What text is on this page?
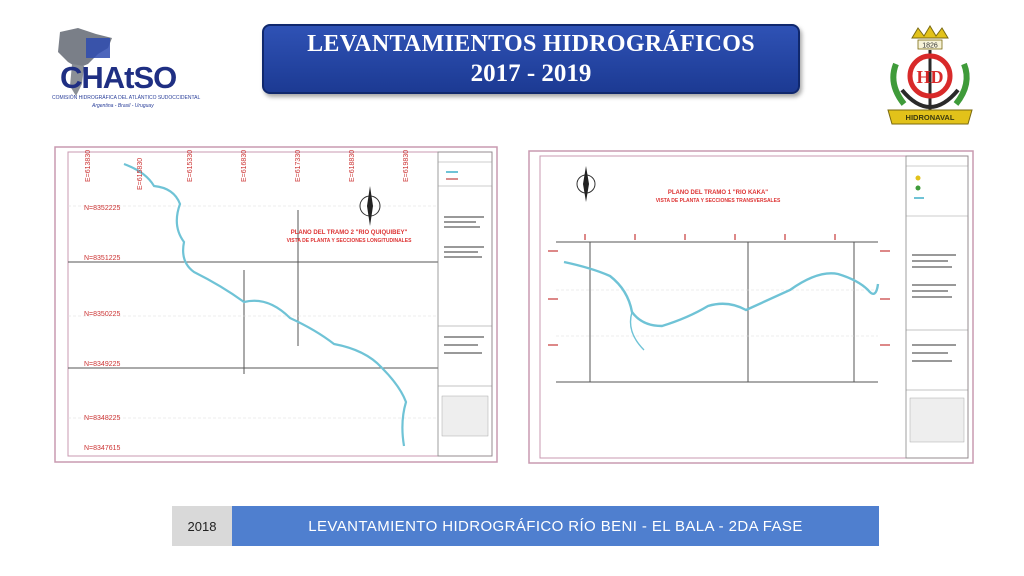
CHAtSO
COMISIÓN HIDROGRÁFICA DEL ATLÁNTICO SUDOCCIDENTAL
Argentina - Brasil - Uruguay
LEVANTAMIENTOS HIDROGRÁFICOS
2017 - 2019
1826
HD
HIDRONAVAL
PLANO DEL TRAMO 2 "RIO QUIQUIBEY"
VISTA DE PLANTA Y SECCIONES LONGITUDINALES
E=613830	E=615830	E=615330	E=616830	E=617330	E=618830	E=619830
N=8352225
N=8351225
N=8350225
N=8349225
N=8348225
N=8347615
PLANO DEL TRAMO 1 "RIO KAKA"
VISTA DE PLANTA Y SECCIONES TRANSVERSALES
2018	LEVANTAMIENTO HIDROGRÁFICO RÍO BENI - EL BALA - 2DA FASE
